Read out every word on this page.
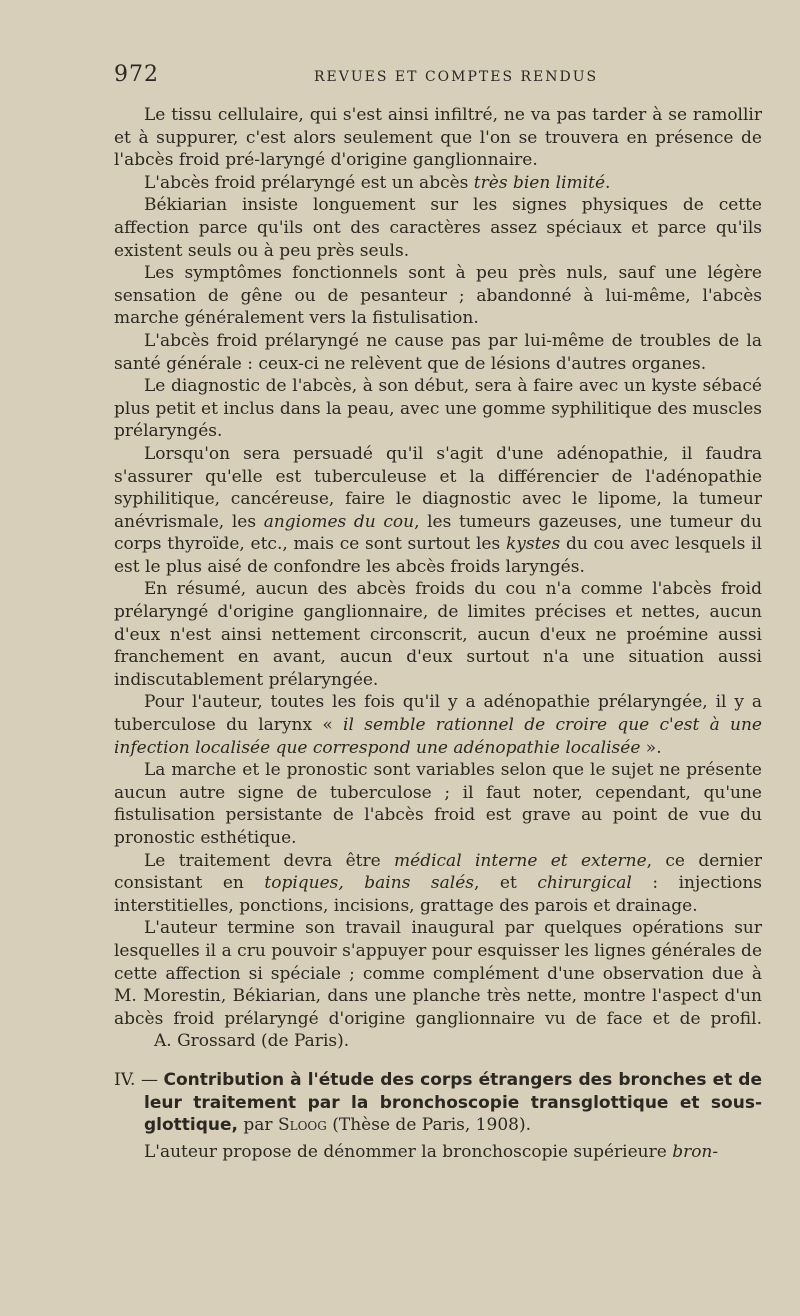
972	REVUES ET COMPTES RENDUS

Le tissu cellulaire, qui s'est ainsi infiltré, ne va pas tarder à se ramollir et à suppurer, c'est alors seulement que l'on se trouvera en présence de l'abcès froid pré-laryngé d'origine ganglionnaire.

L'abcès froid prélaryngé est un abcès très bien limité.

Békiarian insiste longuement sur les signes physiques de cette affection parce qu'ils ont des caractères assez spéciaux et parce qu'ils existent seuls ou à peu près seuls.

Les symptômes fonctionnels sont à peu près nuls, sauf une légère sensation de gêne ou de pesanteur ; abandonné à lui-même, l'abcès marche généralement vers la fistulisation.

L'abcès froid prélaryngé ne cause pas par lui-même de troubles de la santé générale : ceux-ci ne relèvent que de lésions d'autres organes.

Le diagnostic de l'abcès, à son début, sera à faire avec un kyste sébacé plus petit et inclus dans la peau, avec une gomme syphilitique des muscles prélaryngés.

Lorsqu'on sera persuadé qu'il s'agit d'une adénopathie, il faudra s'assurer qu'elle est tuberculeuse et la différencier de l'adénopathie syphilitique, cancéreuse, faire le diagnostic avec le lipome, la tumeur anévrismale, les angiomes du cou, les tumeurs gazeuses, une tumeur du corps thyroïde, etc., mais ce sont surtout les kystes du cou avec lesquels il est le plus aisé de confondre les abcès froids laryngés.

En résumé, aucun des abcès froids du cou n'a comme l'abcès froid prélaryngé d'origine ganglionnaire, de limites précises et nettes, aucun d'eux n'est ainsi nettement circonscrit, aucun d'eux ne proémine aussi franchement en avant, aucun d'eux surtout n'a une situation aussi indiscutablement prélaryngée.

Pour l'auteur, toutes les fois qu'il y a adénopathie prélaryngée, il y a tuberculose du larynx « il semble rationnel de croire que c'est à une infection localisée que correspond une adénopathie localisée ».

La marche et le pronostic sont variables selon que le sujet ne présente aucun autre signe de tuberculose ; il faut noter, cependant, qu'une fistulisation persistante de l'abcès froid est grave au point de vue du pronostic esthétique.

Le traitement devra être médical interne et externe, ce dernier consistant en topiques, bains salés, et chirurgical : injections interstitielles, ponctions, incisions, grattage des parois et drainage.

L'auteur termine son travail inaugural par quelques opérations sur lesquelles il a cru pouvoir s'appuyer pour esquisser les lignes générales de cette affection si spéciale ; comme complément d'une observation due à M. Morestin, Békiarian, dans une planche très nette, montre l'aspect d'un abcès froid prélaryngé d'origine ganglionnaire vu de face et de profil. A. Grossard (de Paris).

IV. — Contribution à l'étude des corps étrangers des bronches et de leur traitement par la bronchoscopie transglottique et sous-glottique, par Sloog (Thèse de Paris, 1908).

L'auteur propose de dénommer la bronchoscopie supérieure bron-
